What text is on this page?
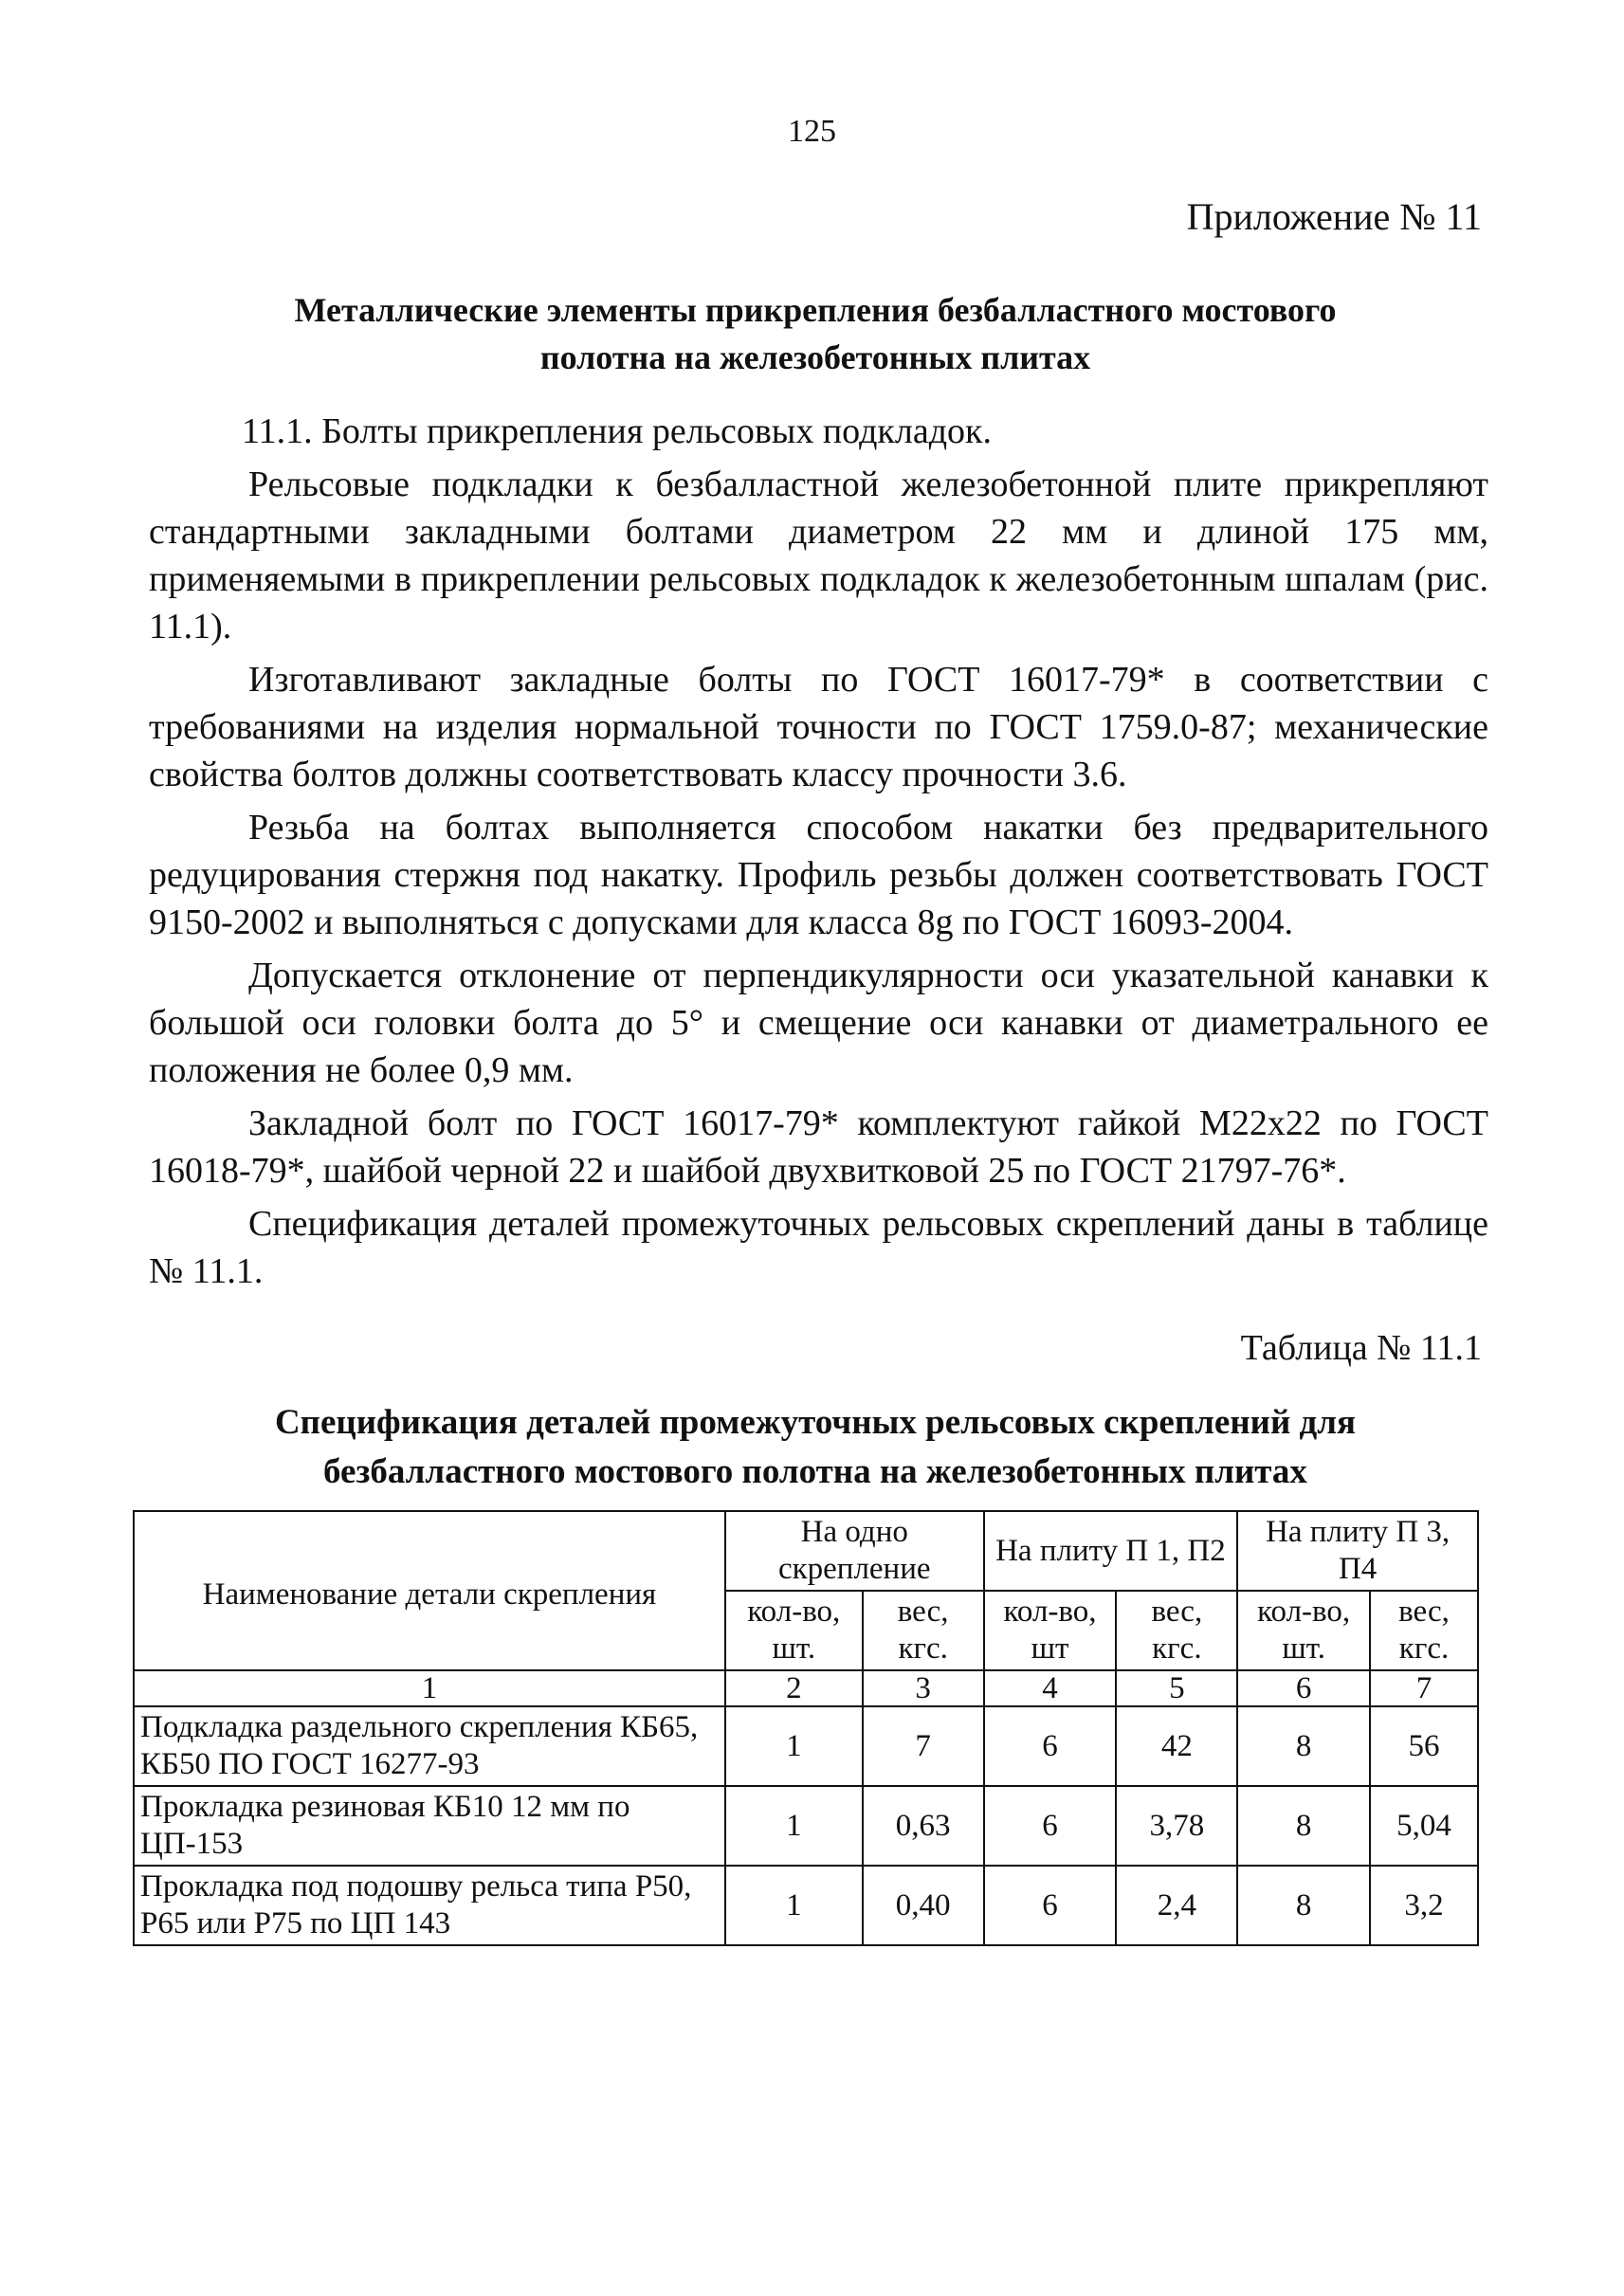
125
Приложение № 11
Металлические элементы прикрепления безбалластного мостового
полотна на железобетонных плитах

11.1. Болты прикрепления рельсовых подкладок.

Рельсовые подкладки к безбалластной железобетонной плите прикрепляют стандартными закладными болтами диаметром 22 мм и длиной 175 мм, применяемыми в прикреплении рельсовых подкладок к железобетонным шпалам (рис. 11.1).

Изготавливают закладные болты по ГОСТ 16017-79* в соответствии с требованиями на изделия нормальной точности по ГОСТ 1759.0-87; механические свойства болтов должны соответствовать классу прочности 3.6.

Резьба на болтах выполняется способом накатки без предварительного редуцирования стержня под накатку. Профиль резьбы должен соответствовать ГОСТ 9150-2002 и выполняться с допусками для класса 8g по ГОСТ 16093-2004.

Допускается отклонение от перпендикулярности оси указательной канавки к большой оси головки болта до 5° и смещение оси канавки от диаметрального ее положения не более 0,9 мм.

Закладной болт по ГОСТ 16017-79* комплектуют гайкой М22х22 по ГОСТ 16018-79*, шайбой черной 22 и шайбой двухвитковой 25 по ГОСТ 21797-76*.

Спецификация деталей промежуточных рельсовых скреплений даны в таблице № 11.1.

Таблица № 11.1
Спецификация деталей промежуточных рельсовых скреплений для
безбалластного мостового полотна на железобетонных плитах
Наименование детали скрепления	На одно скрепление		На плиту П 1, П2		На плиту П 3, П4	
	кол-во, шт.	вес, кгс.	кол-во, шт	вес, кгс.	кол-во, шт.	вес, кгс.
1	2	3	4	5	6	7
Подкладка раздельного скрепления КБ65, КБ50 ПО ГОСТ 16277-93	1	7	6	42	8	56
Прокладка резиновая КБ10 12 мм по ЦП-153	1	0,63	6	3,78	8	5,04
Прокладка под подошву рельса типа Р50, Р65 или Р75 по ЦП 143	1	0,40	6	2,4	8	3,2
